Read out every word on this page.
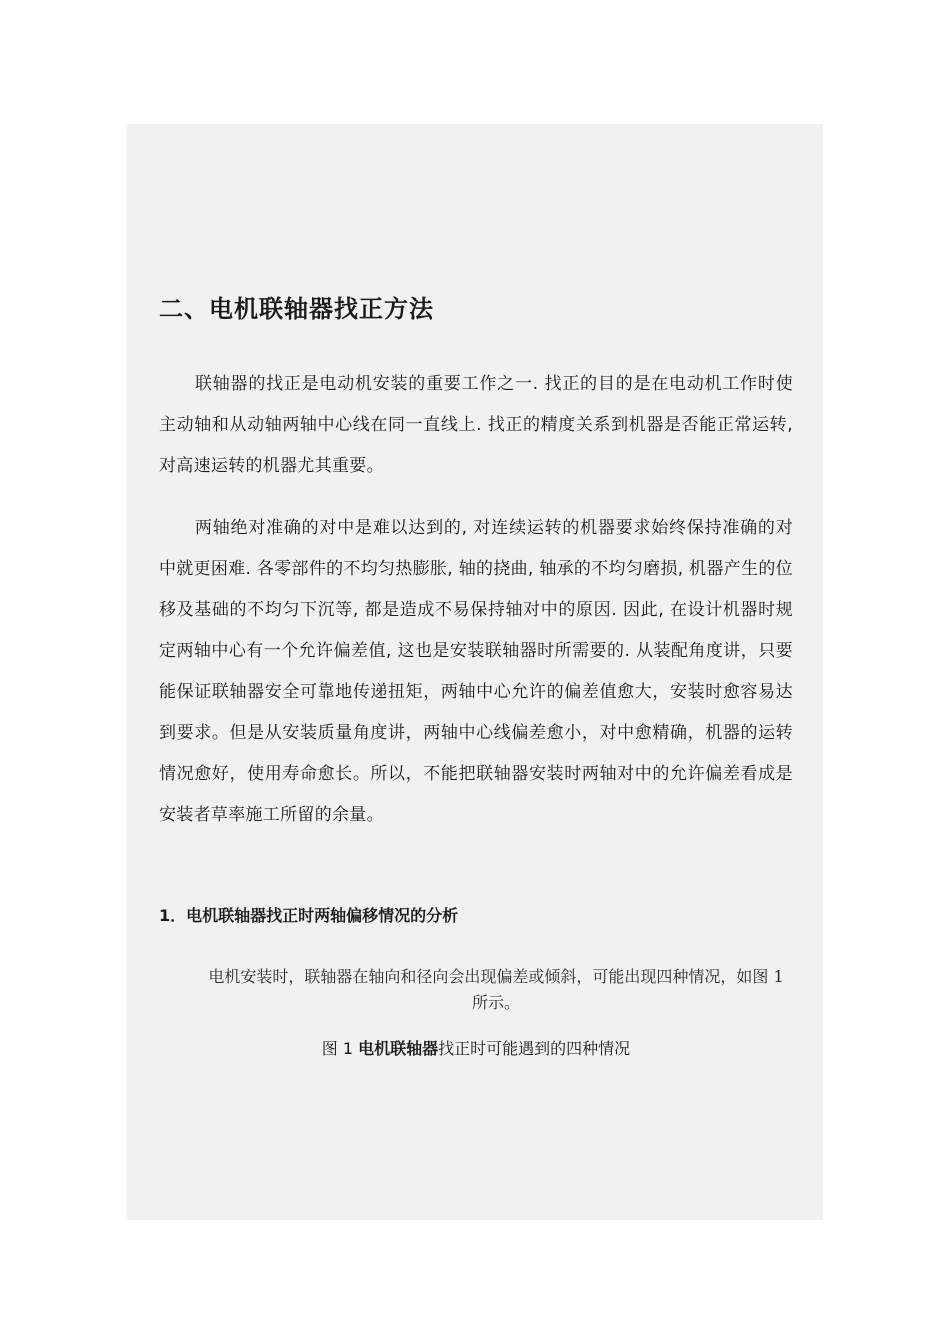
二、电机联轴器找正方法

联轴器的找正是电动机安装的重要工作之一. 找正的目的是在电动机工作时使主动轴和从动轴两轴中心线在同一直线上. 找正的精度关系到机器是否能正常运转, 对高速运转的机器尤其重要。

两轴绝对准确的对中是难以达到的, 对连续运转的机器要求始终保持准确的对中就更困难. 各零部件的不均匀热膨胀, 轴的挠曲, 轴承的不均匀磨损, 机器产生的位移及基础的不均匀下沉等, 都是造成不易保持轴对中的原因. 因此, 在设计机器时规定两轴中心有一个允许偏差值, 这也是安装联轴器时所需要的. 从装配角度讲，只要能保证联轴器安全可靠地传递扭矩，两轴中心允许的偏差值愈大，安装时愈容易达到要求。但是从安装质量角度讲，两轴中心线偏差愈小，对中愈精确，机器的运转情况愈好，使用寿命愈长。所以，不能把联轴器安装时两轴对中的允许偏差看成是安装者草率施工所留的余量。

1．电机联轴器找正时两轴偏移情况的分析

电机安装时，联轴器在轴向和径向会出现偏差或倾斜，可能出现四种情况，如图 1 所示。

图 1 电机联轴器找正时可能遇到的四种情况
